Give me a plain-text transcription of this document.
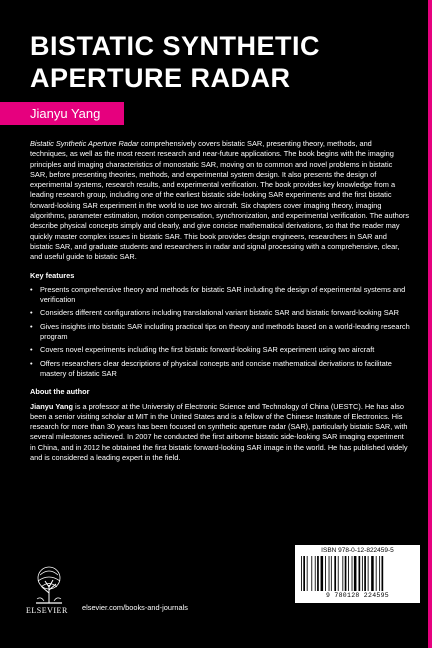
BISTATIC SYNTHETIC
APERTURE RADAR
Jianyu Yang

Bistatic Synthetic Aperture Radar comprehensively covers bistatic SAR, presenting theory, methods, and techniques, as well as the most recent research and near-future applications. The book begins with the imaging principles and imaging characteristics of monostatic SAR, moving on to common and novel problems in bistatic SAR, before presenting theories, methods, and experimental system design. It also presents the design of experimental systems, research results, and experimental verification. The book provides key knowledge from a leading research group, including one of the earliest bistatic side-looking SAR experiments and the first bistatic forward-looking SAR experiment in the world to use two aircraft. Six chapters cover imaging theory, imaging algorithms, parameter estimation, motion compensation, synchronization, and experimental verification. The authors describe physical concepts simply and clearly, and give concise mathematical derivations, so that the reader may quickly master complex issues in bistatic SAR. This book provides design engineers, researchers in SAR and bistatic SAR, and graduate students and researchers in radar and signal processing with a comprehensive, clear, and useful guide to bistatic SAR.

Key features
• Presents comprehensive theory and methods for bistatic SAR including the design of experimental systems and verification
• Considers different configurations including translational variant bistatic SAR and bistatic forward-looking SAR
• Gives insights into bistatic SAR including practical tips on theory and methods based on a world-leading research program
• Covers novel experiments including the first bistatic forward-looking SAR experiment using two aircraft
• Offers researchers clear descriptions of physical concepts and concise mathematical derivations to facilitate mastery of bistatic SAR
About the author

Jianyu Yang is a professor at the University of Electronic Science and Technology of China (UESTC). He has also been a senior visiting scholar at MIT in the United States and is a fellow of the Chinese Institute of Electronics. His research for more than 30 years has been focused on synthetic aperture radar (SAR), particularly bistatic SAR, with several milestones achieved. In 2007 he conducted the first airborne bistatic side-looking SAR imaging experiment in China, and in 2012 he obtained the first bistatic forward-looking SAR image in the world. He has published widely and is considered a leading expert in the field.

ISBN 978-0-12-822459-5
9 780128 224595
ELSEVIER elsevier.com/books-and-journals
